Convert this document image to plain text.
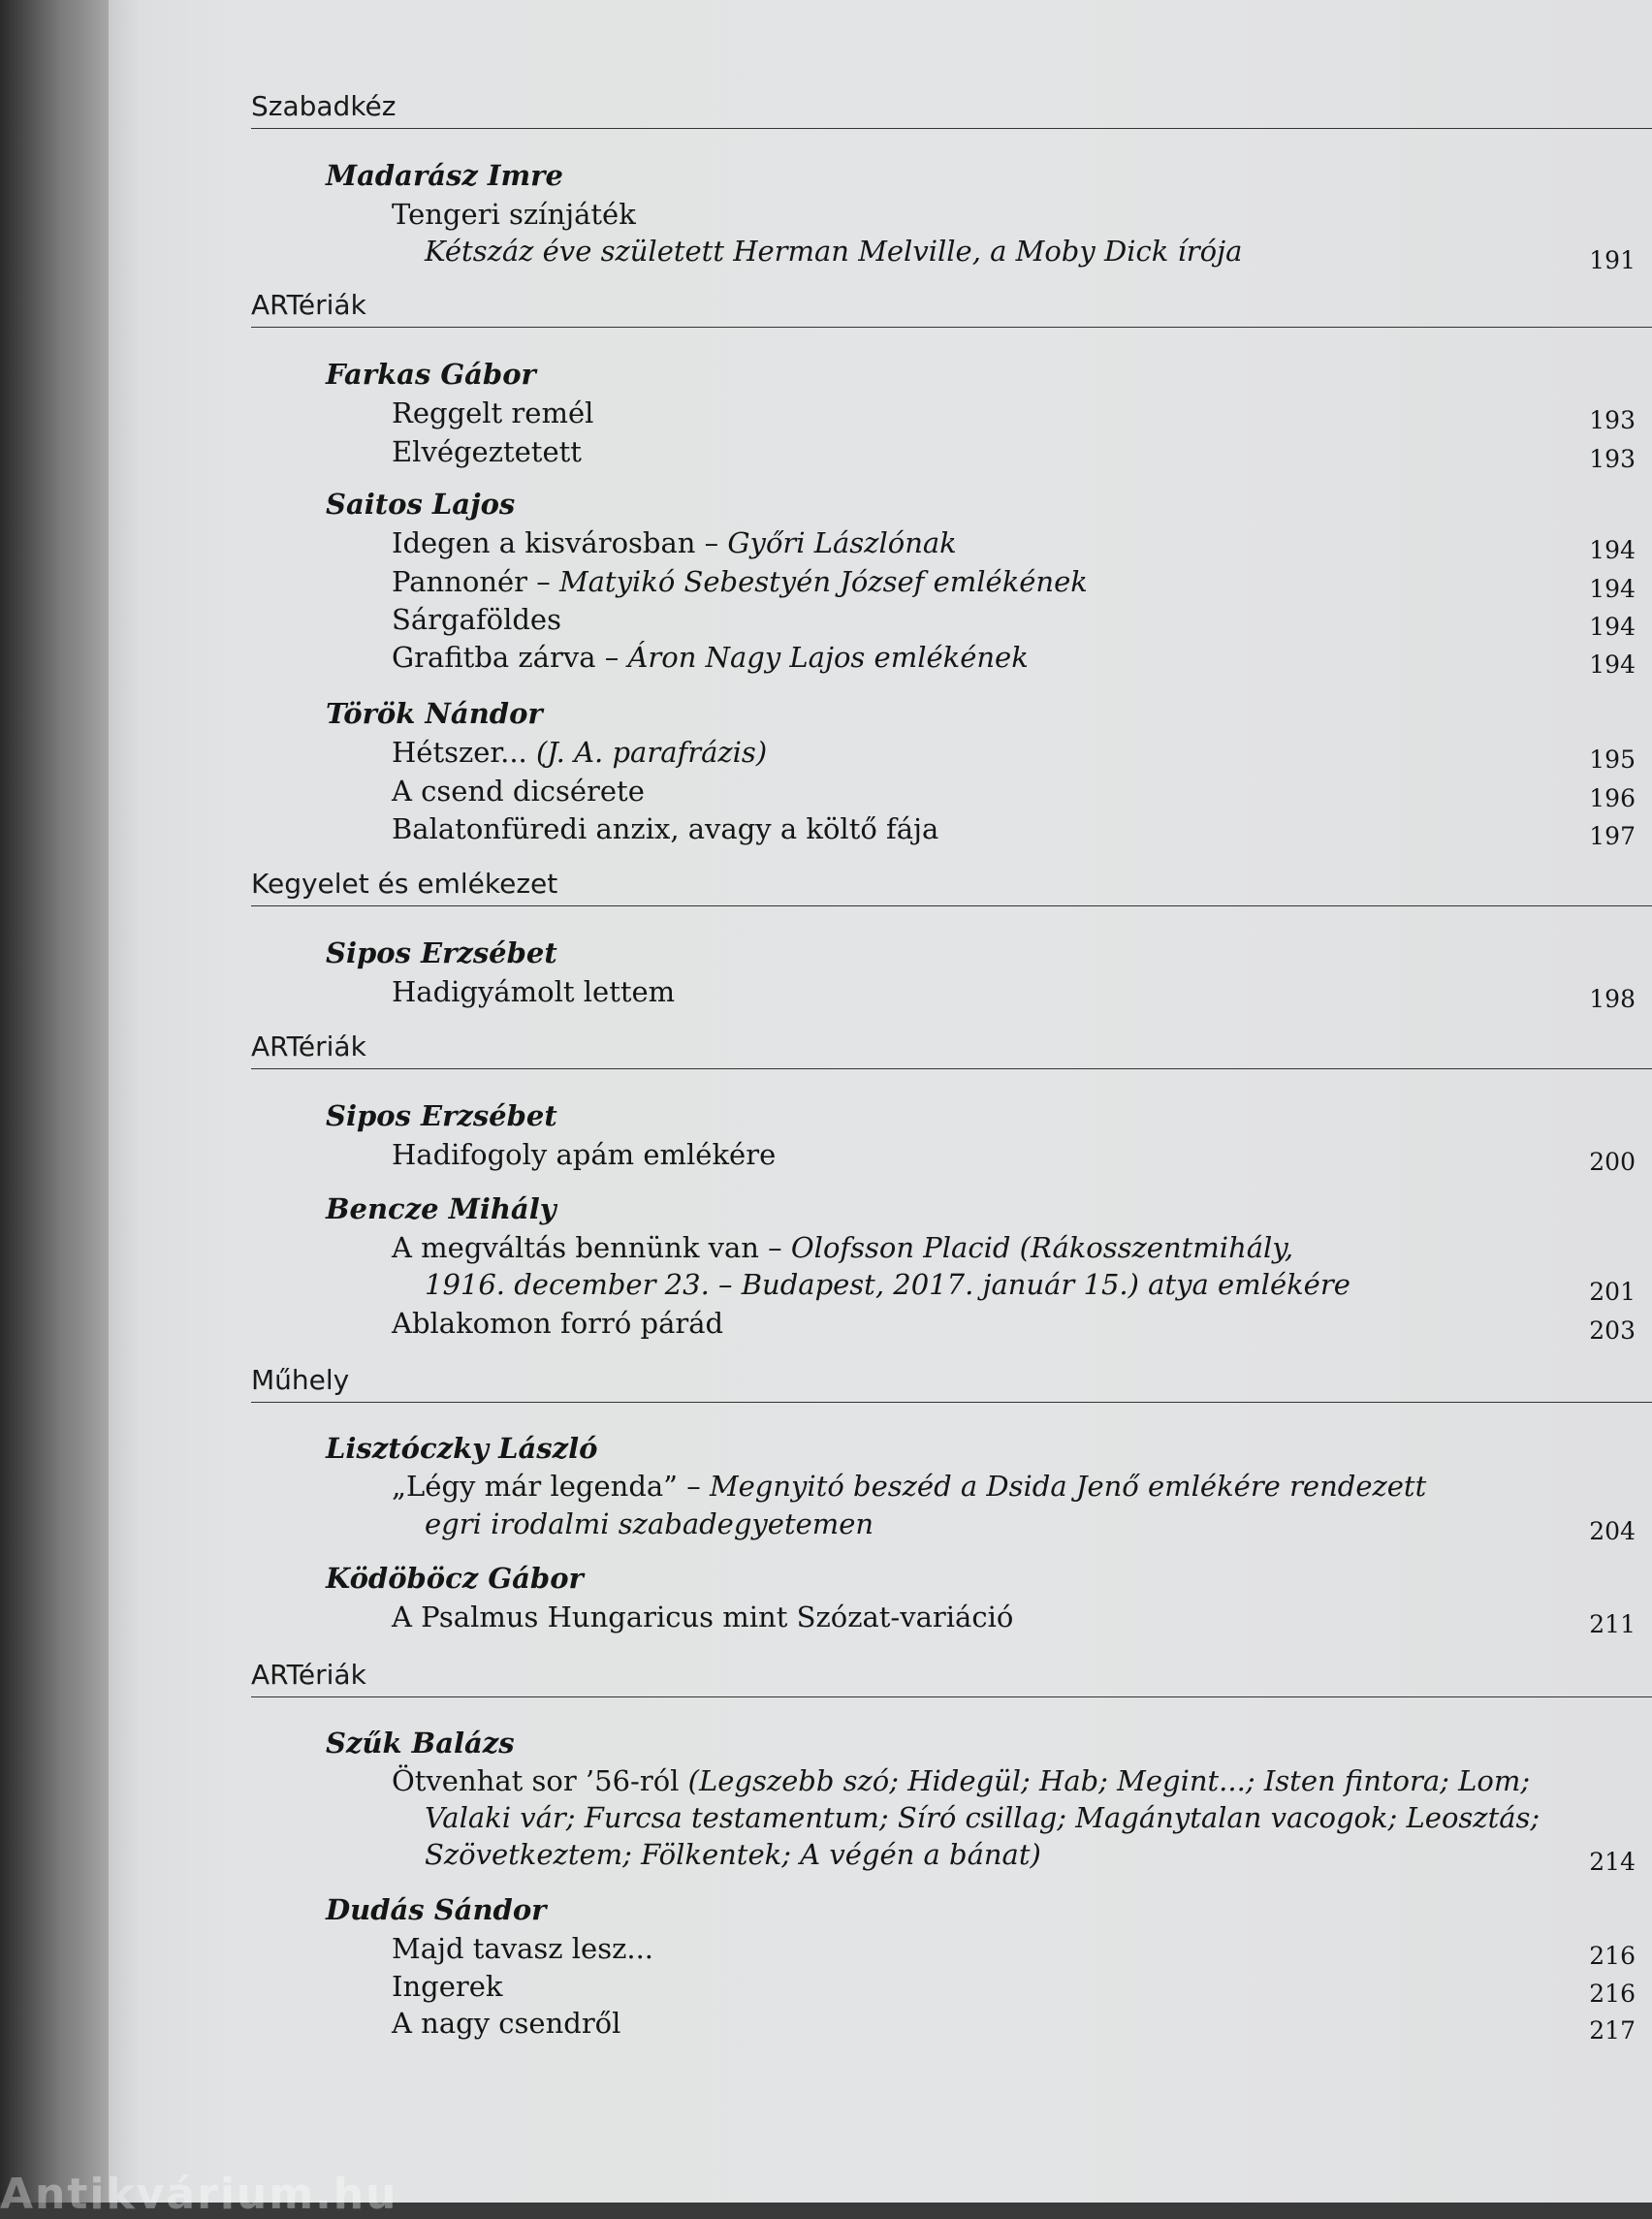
Szabadkéz
ARTériák
Kegyelet és emlékezet
ARTériák
Műhely
ARTériák
Madarász Imre
Farkas Gábor
Saitos Lajos
Török Nándor
Sipos Erzsébet
Sipos Erzsébet
Bencze Mihály
Lisztóczky László
Ködöböcz Gábor
Szűk Balázs
Dudás Sándor
Tengeri színjáték
Kétszáz éve született Herman Melville, a Moby Dick írója
Reggelt remél
Elvégeztetett
Idegen a kisvárosban – Győri Lászlónak
Pannonér – Matyikó Sebestyén József emlékének
Sárgaföldes
Grafitba zárva – Áron Nagy Lajos emlékének
Hétszer... (J. A. parafrázis)
A csend dicsérete
Balatonfüredi anzix, avagy a költő fája
Hadigyámolt lettem
Hadifogoly apám emlékére
A megváltás bennünk van – Olofsson Placid (Rákosszentmihály,
1916. december 23. – Budapest, 2017. január 15.) atya emlékére
Ablakomon forró párád
„Légy már legenda” – Megnyitó beszéd a Dsida Jenő emlékére rendezett
egri irodalmi szabadegyetemen
A Psalmus Hungaricus mint Szózat-variáció
Ötvenhat sor ’56-ról (Legszebb szó; Hidegül; Hab; Megint...; Isten fintora; Lom;
Valaki vár; Furcsa testamentum; Síró csillag; Magánytalan vacogok; Leosztás;
Szövetkeztem; Fölkentek; A végén a bánat)
Majd tavasz lesz...
Ingerek
A nagy csendről
191
193
193
194
194
194
194
195
196
197
198
200
201
203
204
211
214
216
216
217
Antikvárium.hu
